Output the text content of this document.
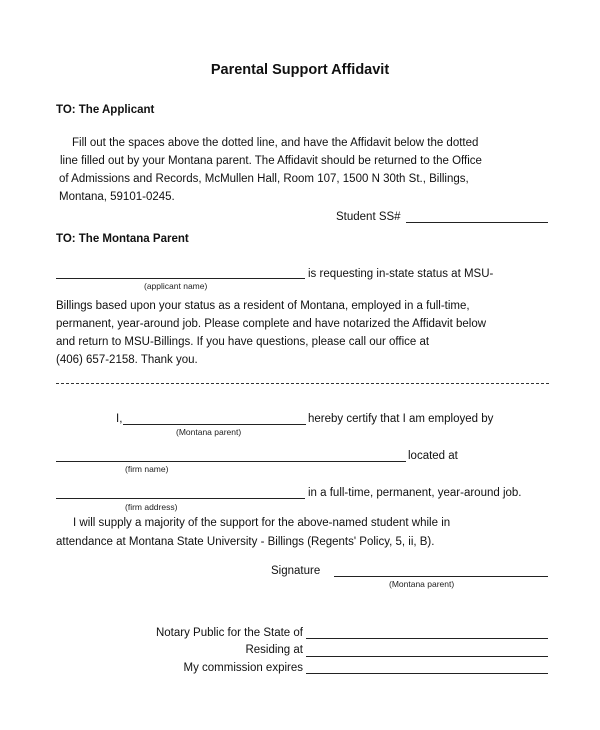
Parental Support Affidavit
TO: The Applicant
Fill out the spaces above the dotted line, and have the Affidavit below the dotted
line filled out by your Montana parent. The Affidavit should be returned to the Office
of Admissions and Records, McMullen Hall, Room 107, 1500 N 30th St., Billings,
Montana, 59101-0245.
Student SS#
TO: The Montana Parent
is requesting in-state status at MSU-
(applicant name)
Billings based upon your status as a resident of Montana, employed in a full-time,
permanent, year-around job. Please complete and have notarized the Affidavit below
and return to MSU-Billings. If you have questions, please call our office at
(406) 657-2158. Thank you.
I,	hereby certify that I am employed by
(Montana parent)
located at
(firm name)
in a full-time, permanent, year-around job.
(firm address)
I will supply a majority of the support for the above-named student while in
attendance at Montana State University - Billings (Regents' Policy, 5, ii, B).
Signature
(Montana parent)
Notary Public for the State of
Residing at
My commission expires
